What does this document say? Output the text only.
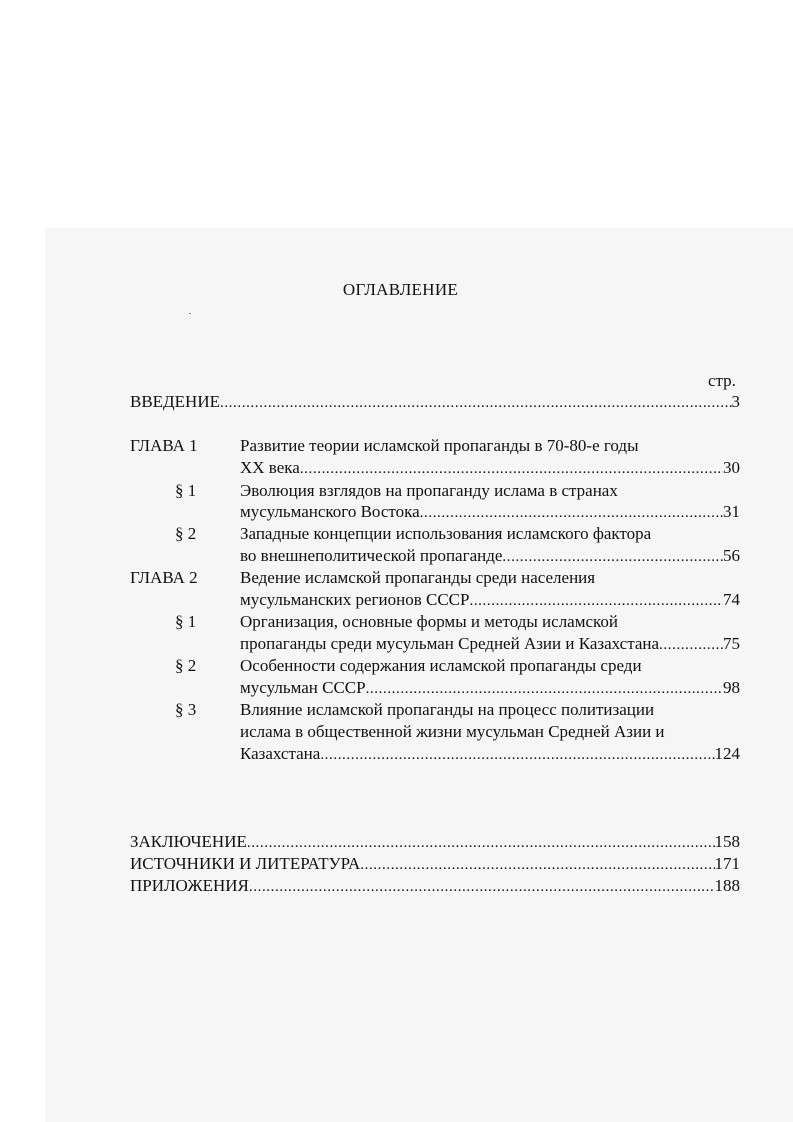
ОГЛАВЛЕНИЕ
стр.
ВВЕДЕНИЕ .....	3
ГЛАВА 1 Развитие теории исламской пропаганды в 70-80-е годы
XX века .....	30
§ 1	Эволюция взглядов на пропаганду ислама в странах
мусульманского Востока .....	31
§ 2	Западные концепции использования исламского фактора
во внешнеполитической пропаганде .....	56
ГЛАВА 2 Ведение исламской пропаганды среди населения
мусульманских регионов СССР .....	74
§ 1	Организация, основные формы и методы исламской
пропаганды среди мусульман Средней Азии и Казахстана .....	75
§ 2	Особенности содержания исламской пропаганды среди
мусульман СССР .....	98
§ 3	Влияние исламской пропаганды на процесс политизации
ислама в общественной жизни мусульман Средней Азии и
Казахстана .....	124
ЗАКЛЮЧЕНИЕ .....	158
ИСТОЧНИКИ И ЛИТЕРАТУРА .....	171
ПРИЛОЖЕНИЯ .....	188
